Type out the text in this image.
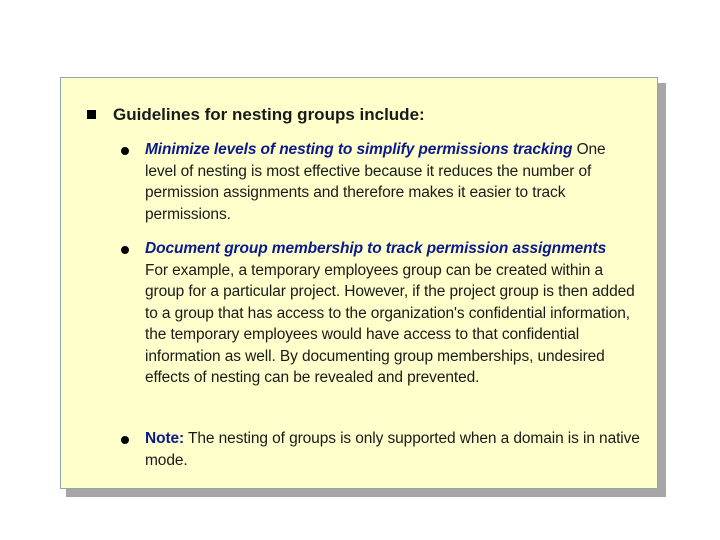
Guidelines for nesting groups include:
Minimize levels of nesting to simplify permissions tracking One
level of nesting is most effective because it reduces the number of permission assignments and therefore makes it easier to track permissions.
Document group membership to track permission assignments
For example, a temporary employees group can be created within a group for a particular project. However, if the project group is then added to a group that has access to the organization's confidential information, the temporary employees would have access to that confidential information as well. By documenting group memberships, undesired effects of nesting can be revealed and prevented.
Note: The nesting of groups is only supported when a domain is in native mode.
